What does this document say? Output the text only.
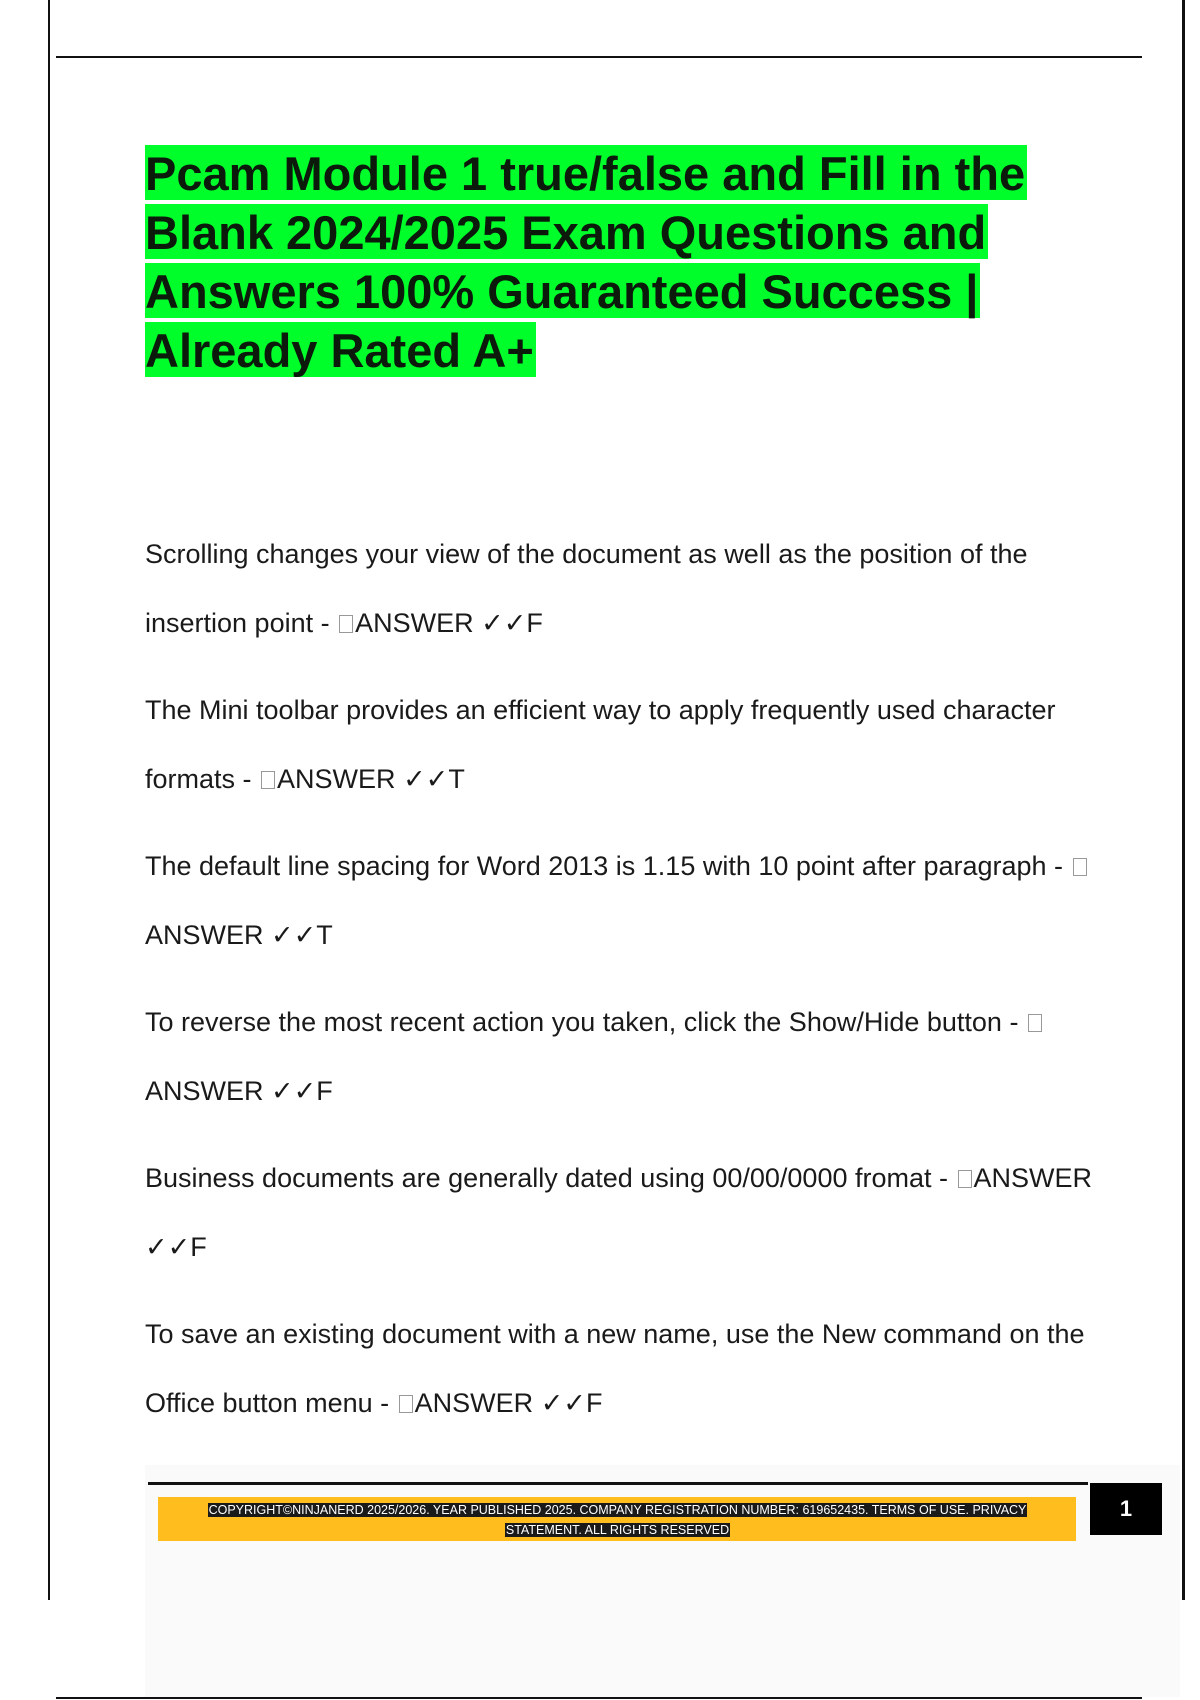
Pcam Module 1 true/false and Fill in the Blank 2024/2025 Exam Questions and Answers 100% Guaranteed Success | Already Rated A+

Scrolling changes your view of the document as well as the position of the insertion point - ANSWER ✓✓F

The Mini toolbar provides an efficient way to apply frequently used character formats - ANSWER ✓✓T

The default line spacing for Word 2013 is 1.15 with 10 point after paragraph - ANSWER ✓✓T

To reverse the most recent action you taken, click the Show/Hide button - ANSWER ✓✓F

Business documents are generally dated using 00/00/0000 fromat - ANSWER ✓✓F

To save an existing document with a new name, use the New command on the Office button menu - ANSWER ✓✓F

COPYRIGHT©NINJANERD 2025/2026. YEAR PUBLISHED 2025. COMPANY REGISTRATION NUMBER: 619652435. TERMS OF USE. PRIVACY STATEMENT. ALL RIGHTS RESERVED
1
